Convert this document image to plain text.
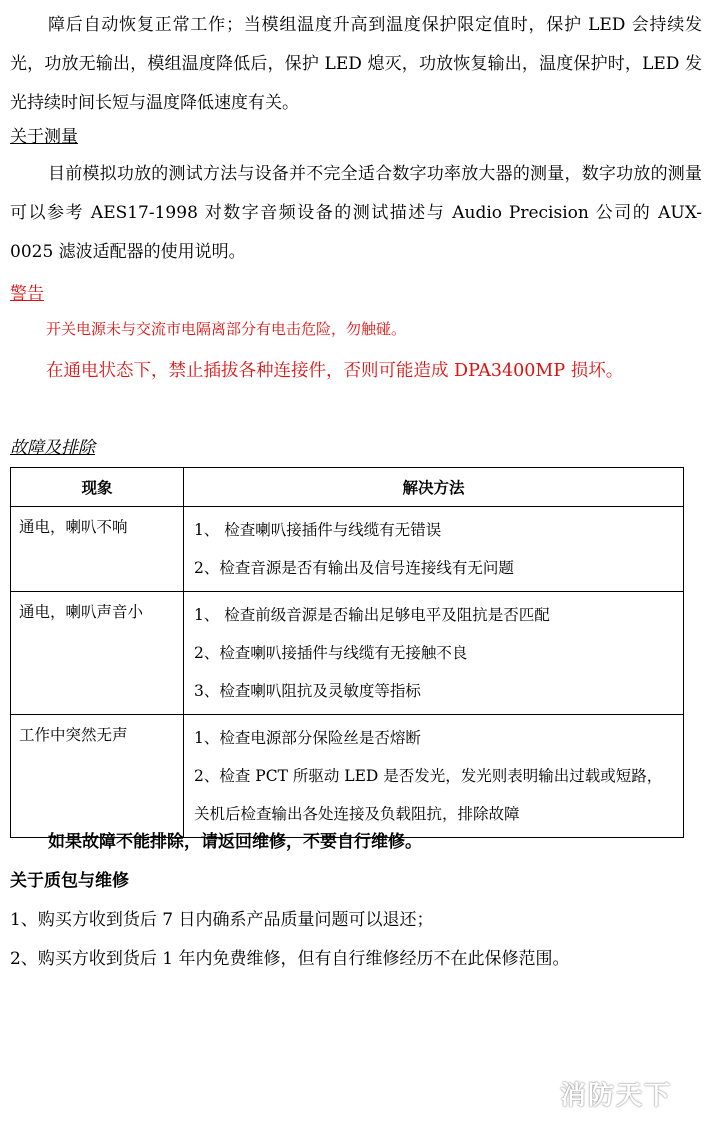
障后自动恢复正常工作；当模组温度升高到温度保护限定值时，保护 LED 会持续发光，功放无输出，模组温度降低后，保护 LED 熄灭，功放恢复输出，温度保护时，LED 发光持续时间长短与温度降低速度有关。

关于测量

目前模拟功放的测试方法与设备并不完全适合数字功率放大器的测量，数字功放的测量可以参考 AES17-1998 对数字音频设备的测试描述与 Audio Precision 公司的 AUX-0025 滤波适配器的使用说明。

警告

开关电源未与交流市电隔离部分有电击危险，勿触碰。

在通电状态下，禁止插拔各种连接件，否则可能造成 DPA3400MP 损坏。

故障及排除

现象	解决方法
通电，喇叭不响	1、 检查喇叭接插件与线缆有无错误

2、检查音源是否有输出及信号连接线有无问题

通电，喇叭声音小	1、 检查前级音源是否输出足够电平及阻抗是否匹配

2、检查喇叭接插件与线缆有无接触不良

3、检查喇叭阻抗及灵敏度等指标

工作中突然无声	1、检查电源部分保险丝是否熔断

2、检查 PCT 所驱动 LED 是否发光，发光则表明输出过载或短路，

关机后检查输出各处连接及负载阻抗，排除故障

如果故障不能排除，请返回维修，不要自行维修。

关于质包与维修

1、购买方收到货后 7 日内确系产品质量问题可以退还；

2、购买方收到货后 1 年内免费维修，但有自行维修经历不在此保修范围。

消防天下
